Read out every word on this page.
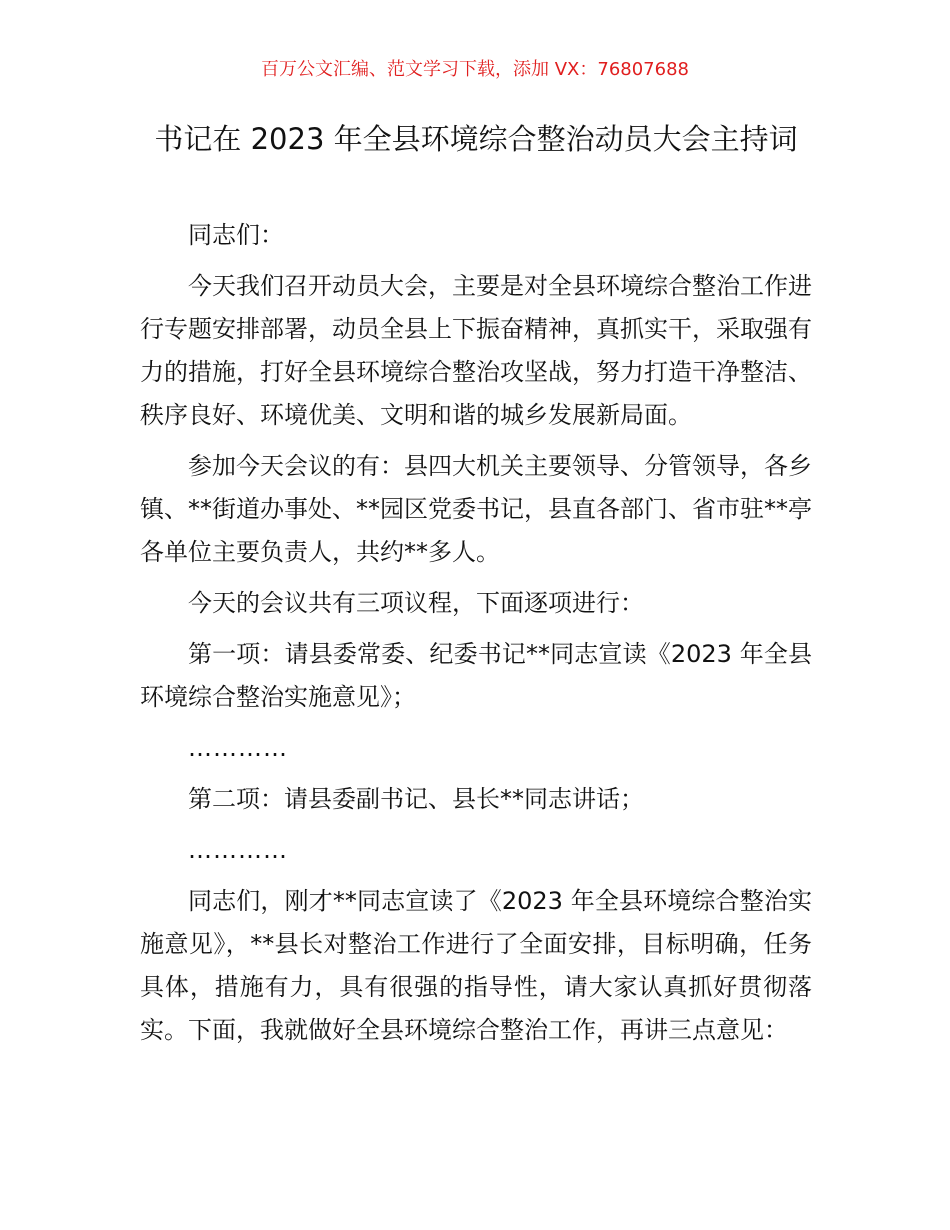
百万公文汇编、范文学习下载，添加 VX：76807688
书记在 2023 年全县环境综合整治动员大会主持词

同志们：

今天我们召开动员大会，主要是对全县环境综合整治工作进行专题安排部署，动员全县上下振奋精神，真抓实干，采取强有力的措施，打好全县环境综合整治攻坚战，努力打造干净整洁、秩序良好、环境优美、文明和谐的城乡发展新局面。

参加今天会议的有：县四大机关主要领导、分管领导，各乡镇、**街道办事处、**园区党委书记，县直各部门、省市驻**亭各单位主要负责人，共约**多人。

今天的会议共有三项议程，下面逐项进行：

第一项：请县委常委、纪委书记**同志宣读《2023 年全县环境综合整治实施意见》；

…………

第二项：请县委副书记、县长**同志讲话；

…………

同志们，刚才**同志宣读了《2023 年全县环境综合整治实施意见》，**县长对整治工作进行了全面安排，目标明确，任务具体，措施有力，具有很强的指导性，请大家认真抓好贯彻落实。下面，我就做好全县环境综合整治工作，再讲三点意见：
